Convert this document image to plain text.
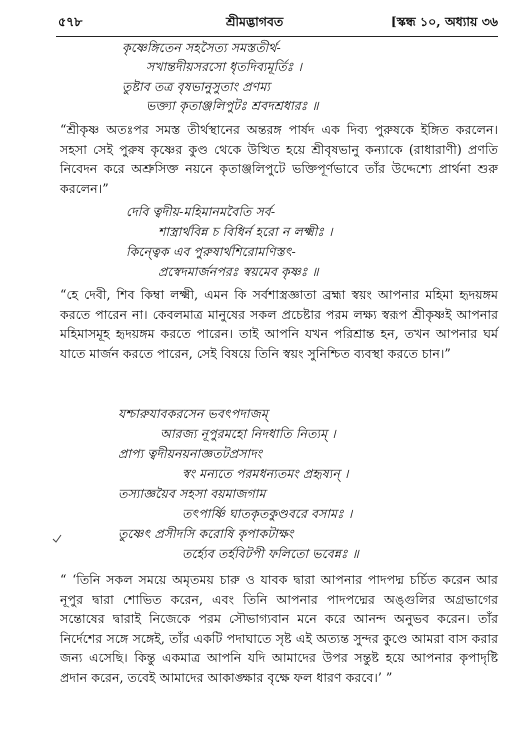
৫৭৮	শ্রীমদ্ভাগবত	[স্কন্ধ ১০, অধ্যায় ৩৬
কৃষ্ণেঙ্গিতেন সহসৈত্য সমস্ততীর্থ-
সখান্তদীয়সরসো ধৃতদিব্যমূর্তিঃ ।
তুষ্টাব তত্র বৃষভানুসুতাং প্রণম্য
ভক্ত্যা কৃতাঞ্জলিপুটঃ শ্রবদশ্রধারঃ ॥

“শ্রীকৃষ্ণ অতঃপর সমস্ত তীর্থস্থানের অন্তরঙ্গ পার্ষদ এক দিব্য পুরুষকে ইঙ্গিত করলেন। সহসা সেই পুরুষ কৃষ্ণের কুণ্ড থেকে উত্থিত হয়ে শ্রীবৃষভানু কন্যাকে (রাধারাণী) প্রণতি নিবেদন করে অশ্রুসিক্ত নয়নে কৃতাঞ্জলিপুটে ভক্তিপূর্ণভাবে তাঁর উদ্দেশ্যে প্রার্থনা শুরু করলেন।”

দেবি ত্বদীয়-মহিমানমবৈতি সর্ব-
শাস্ত্রার্থবিন্ন চ বিধির্ন হরো ন লক্ষ্মীঃ ।
কিন্ত্বেক এব পুরুষার্থশিরোমণিস্তৎ-
প্রস্বেদমার্জনপরঃ স্বয়মেব কৃষ্ণঃ ॥

“হে দেবী, শিব কিম্বা লক্ষ্মী, এমন কি সর্বশাস্ত্রজ্ঞাতা ব্রহ্মা স্বয়ং আপনার মহিমা হৃদয়ঙ্গম করতে পারেন না। কেবলমাত্র মানুষের সকল প্রচেষ্টার পরম লক্ষ্য স্বরূপ শ্রীকৃষ্ণই আপনার মহিমাসমূহ হৃদয়ঙ্গম করতে পারেন। তাই আপনি যখন পরিশ্রান্ত হন, তখন আপনার ঘর্ম যাতে মার্জন করতে পারেন, সেই বিষয়ে তিনি স্বয়ং সুনিশ্চিত ব্যবস্থা করতে চান।”

যশ্চারুযাবকরসেন ভবৎপদাজম্
আরজ্য নূপুরমহো নিদধাতি নিত্যম্ ।
প্রাপ্য ত্বদীয়নয়নাজ্ঞতটপ্রসাদং
স্বং মন্যতে পরমধন্যতমং প্রহৃষ্যন্ ।
তস্যাজ্ঞয়ৈব সহসা বয়মাজগাম
তৎপার্ষ্ণি ঘাতকৃতকুণ্ডবরে বসামঃ ।
তুষ্ণেৎ প্রসীদসি করোষি কৃপাকটাক্ষং
তর্হ্যেব তর্হবিটপী ফলিতো ভবেন্নঃ ॥

“ ‘তিনি সকল সময়ে অমৃতময় চারু ও যাবক দ্বারা আপনার পাদপদ্ম চর্চিত করেন আর নূপুর দ্বারা শোভিত করেন, এবং তিনি আপনার পাদপদ্মের অঙ্গুলির অগ্রভাগের সন্তোষের দ্বারাই নিজেকে পরম সৌভাগ্যবান মনে করে আনন্দ অনুভব করেন। তাঁর নির্দেশের সঙ্গে সঙ্গেই, তাঁর একটি পদাঘাতে সৃষ্ট এই অত্যন্ত সুন্দর কুণ্ডে আমরা বাস করার জন্য এসেছি। কিন্তু একমাত্র আপনি যদি আমাদের উপর সন্তুষ্ট হয়ে আপনার কৃপাদৃষ্টি প্রদান করেন, তবেই আমাদের আকাঙ্ক্ষার বৃক্ষে ফল ধারণ করবে।’ ”
